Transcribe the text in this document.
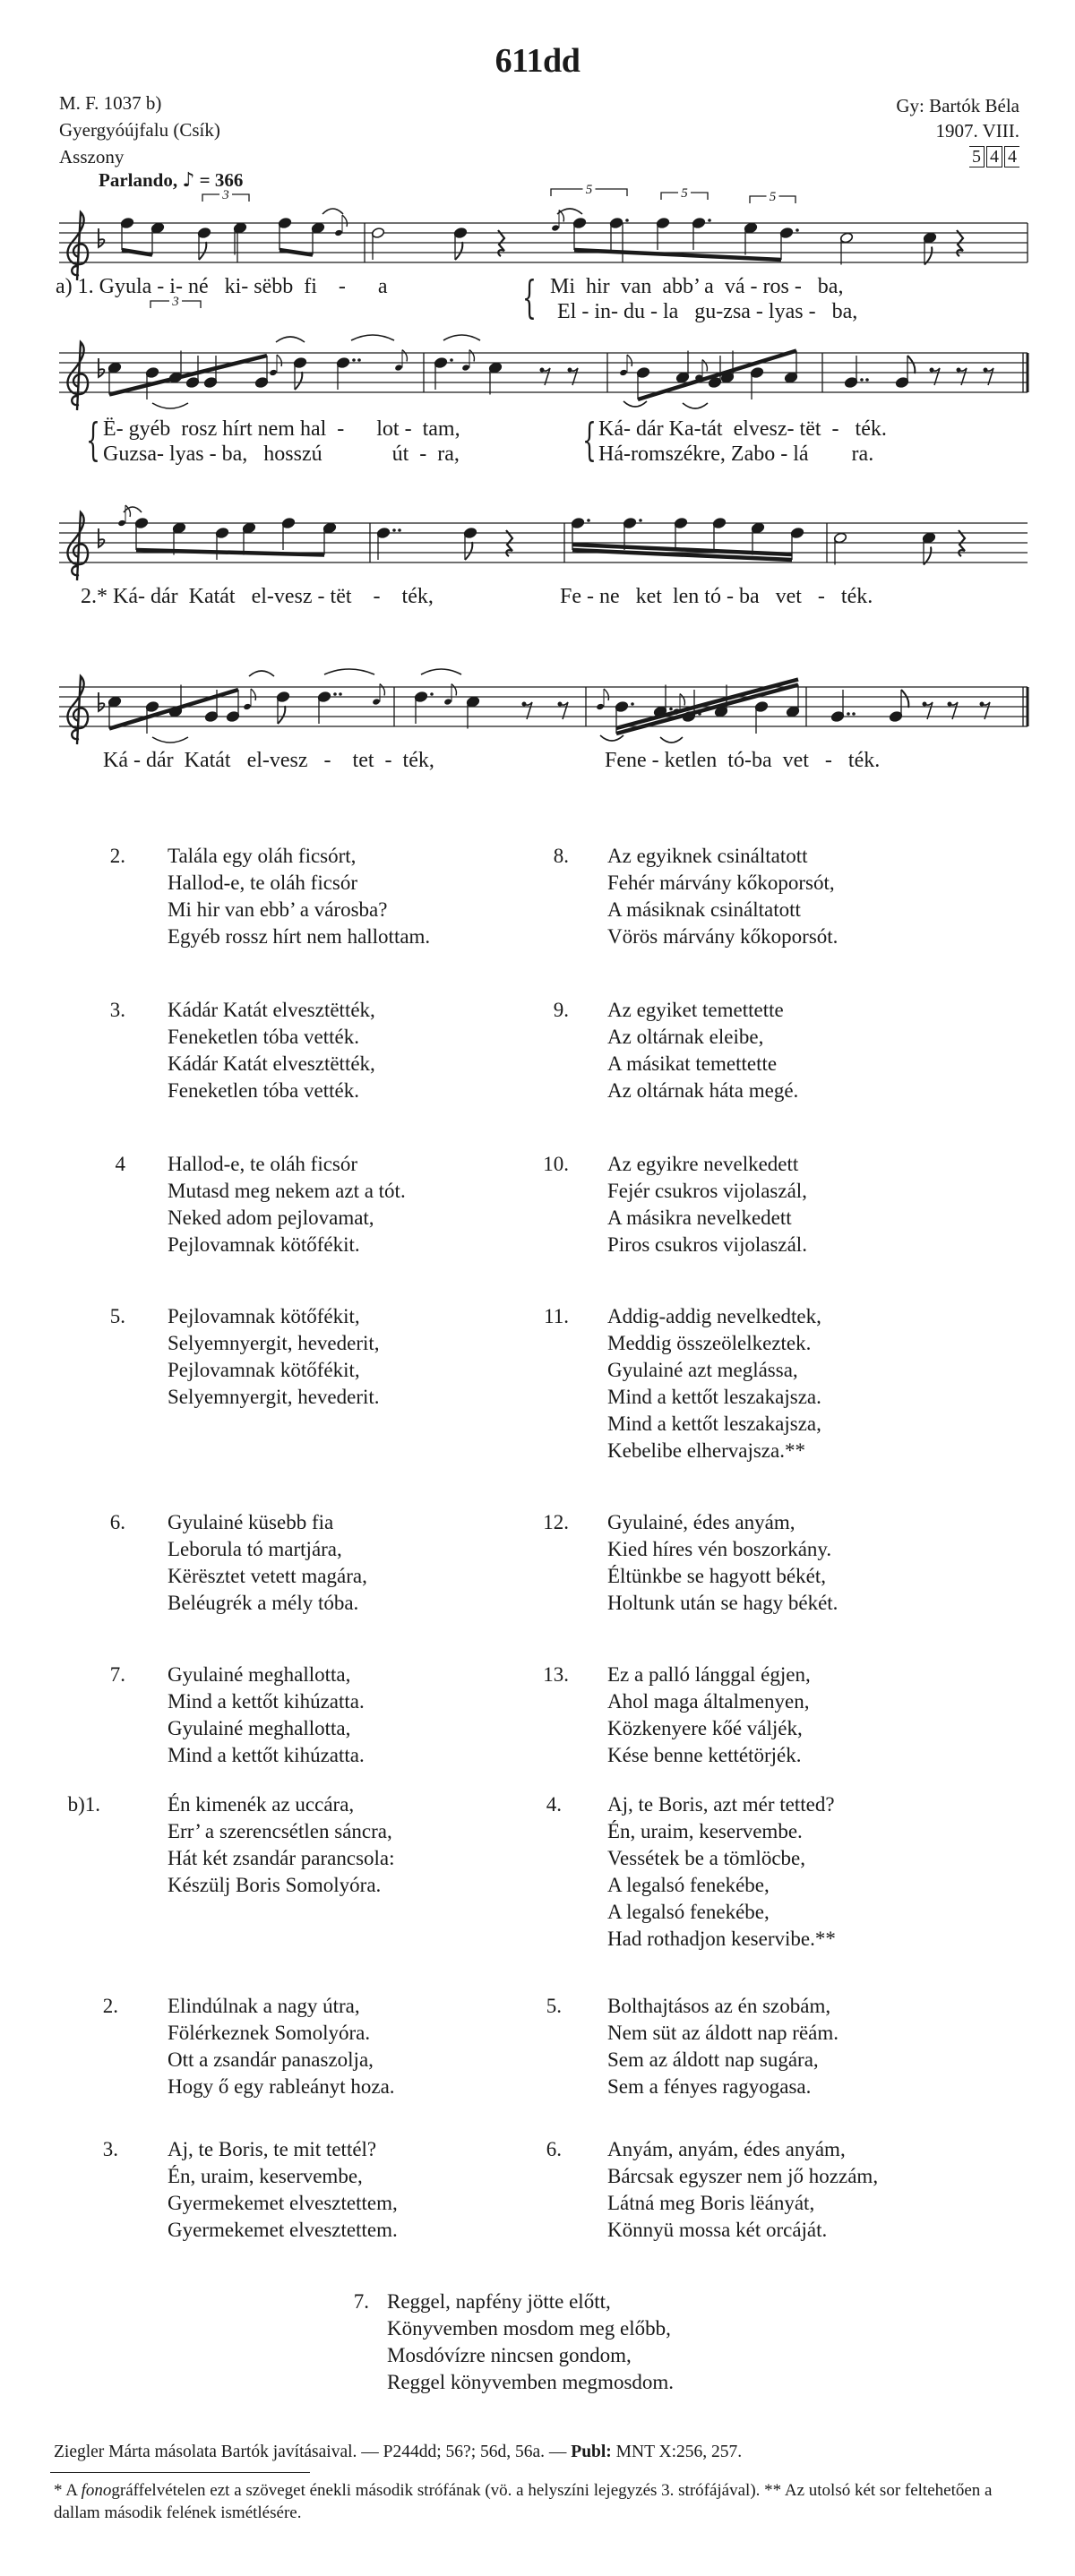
611dd
M. F. 1037 b)
Gyergyóújfalu (Csík)
Asszony
Gy: Bartók Béla
1907. VIII.
5 4 4
Parlando, ♪ = 366
3	5	5	5
3
a) 1. Gyula - i- né   ki- sëbb  fi    -      a	{ Mi  hir  van  abb’ a  vá - ros -   ba,
El - in- du - la   gu-zsa - lyas -   ba,
{ Ë- gyéb  rosz hírt nem hal  -      lot -  tam,
Guzsa- lyas - ba,   hosszú             út  -  ra,	{ Ká- dár Ka-tát  elvesz- tët  -   ték.
Há-romszékre, Zabo - lá        ra.
2.* Ká- dár  Katát   el-vesz - tët    -    ték,	Fe - ne   ket  len tó - ba   vet   -   ték.
Ká - dár  Katát   el-vesz   -    tet  -  ték,	Fene - ketlen  tó-ba  vet   -   ték.
2. Talála egy oláh ficsórt,
Hallod-e, te oláh ficsór
Mi hir van ebb’ a városba?
Egyéb rossz hírt nem hallottam.
3. Kádár Katát elvesztëtték,
Feneketlen tóba vették.
Kádár Katát elvesztëtték,
Feneketlen tóba vették.
4 Hallod-e, te oláh ficsór
Mutasd meg nekem azt a tót.
Neked adom pejlovamat,
Pejlovamnak kötőfékit.
5. Pejlovamnak kötőfékit,
Selyemnyergit, hevederit,
Pejlovamnak kötőfékit,
Selyemnyergit, hevederit.
6. Gyulainé küsebb fia
Leborula tó martjára,
Kërësztet vetett magára,
Beléugrék a mély tóba.
7. Gyulainé meghallotta,
Mind a kettőt kihúzatta.
Gyulainé meghallotta,
Mind a kettőt kihúzatta.
8. Az egyiknek csináltatott
Fehér márvány kőkoporsót,
A másiknak csináltatott
Vörös márvány kőkoporsót.
9. Az egyiket temettette
Az oltárnak eleibe,
A másikat temettette
Az oltárnak háta megé.
10. Az egyikre nevelkedett
Fejér csukros vijolaszál,
A másikra nevelkedett
Piros csukros vijolaszál.
11. Addig-addig nevelkedtek,
Meddig összeölelkeztek.
Gyulainé azt meglássa,
Mind a kettőt leszakajsza.
Mind a kettőt leszakajsza,
Kebelibe elhervajsza.**
12. Gyulainé, édes anyám,
Kied híres vén boszorkány.
Éltünkbe se hagyott békét,
Holtunk után se hagy békét.
13. Ez a palló lánggal égjen,
Ahol maga általmenyen,
Közkenyere kőé váljék,
Kése benne kettétörjék.
b)1.	Én kimenék az uccára,
Err’ a szerencsétlen sáncra,
Hát két zsandár parancsola:
Készülj Boris Somolyóra.
2. Elindúlnak a nagy útra,
Fölérkeznek Somolyóra.
Ott a zsandár panaszolja,
Hogy ő egy rableányt hoza.
3. Aj, te Boris, te mit tettél?
Én, uraim, keservembe,
Gyermekemet elvesztettem,
Gyermekemet elvesztettem.
4. Aj, te Boris, azt mér tetted?
Én, uraim, keservembe.
Vessétek be a tömlöcbe,
A legalsó fenekébe,
A legalsó fenekébe,
Had rothadjon keservibe.**
5. Bolthajtásos az én szobám,
Nem süt az áldott nap rëám.
Sem az áldott nap sugára,
Sem a fényes ragyogasa.
6. Anyám, anyám, édes anyám,
Bárcsak egyszer nem jő hozzám,
Látná meg Boris lëányát,
Könnyü mossa két orcáját.
7. Reggel, napfény jötte előtt,
Könyvemben mosdom meg előbb,
Mosdóvízre nincsen gondom,
Reggel könyvemben megmosdom.
Ziegler Márta másolata Bartók javításaival. — P244dd; 56?; 56d, 56a. — Publ: MNT X:256, 257.
* A fonográffelvételen ezt a szöveget énekli második strófának (vö. a helyszíni lejegyzés 3. strófájával). ** Az utolsó két sor feltehetően a dallam második felének ismétlésére.
